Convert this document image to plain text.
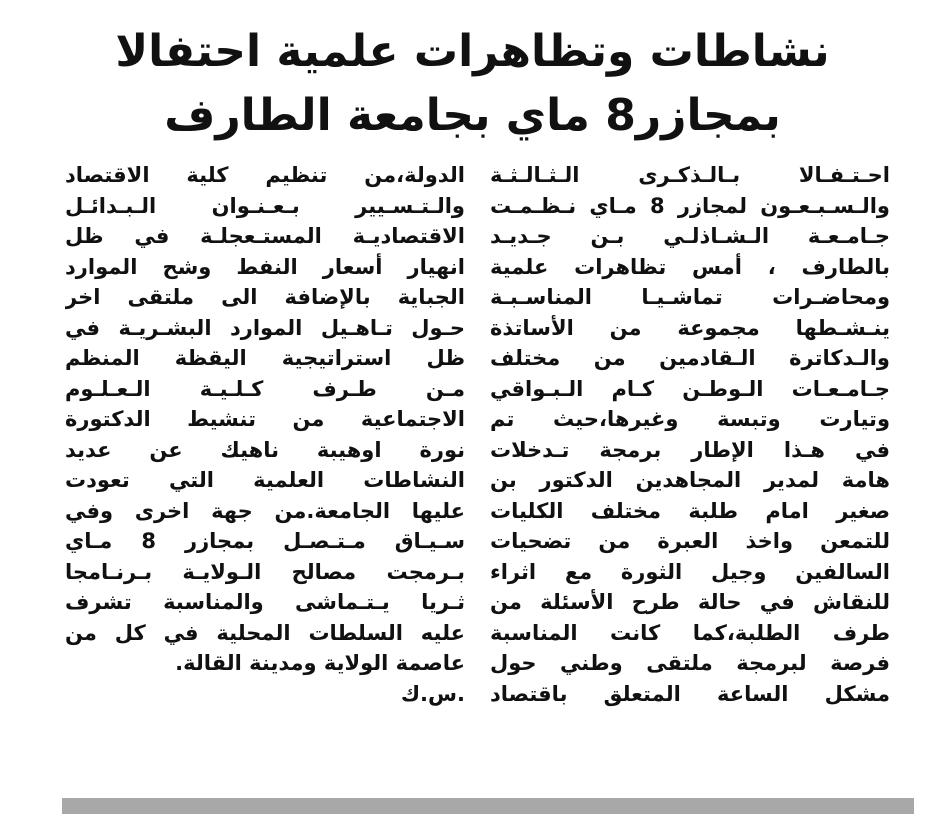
نشاطات وتظاهرات علمية احتفالا
بمجازر8 ماي بجامعة الطارف
احـتـفـالا بـالـذكـرى الـثـالـثـة
والـسـبـعـون لمجازر 8 مـاي نـظـمـت
جـامـعـة الـشـاذلـي بـن جـديـد
بالطارف ، أمس تظاهرات علمية
ومحاضـرات تماشـيـا المناسـبـة
ينـشـطها مجموعة من الأساتذة
والـدكاترة الـقادمين من مختلف
جـامـعـات الـوطـن كـام الـبـواقي
وتيارت وتبسة وغيرها،حيث تم
في هـذا الإطار برمجة تـدخلات
هامة لمدير المجاهدين الدكتور بن
صغير امام طلبة مختلف الكليات
للتمعن واخذ العبرة من تضحيات
السالفين وجيل الثورة مع اثراء
للنقاش في حالة طرح الأسئلة من
طرف الطلبة،كما كانت المناسبة
فرصة لبرمجة ملتقى وطني حول
مشكل الساعة المتعلق باقتصاد
الدولة،من تنظيم كلية الاقتصاد
والـتـسـيير بـعـنـوان الـبـدائـل
الاقتصاديـة المستـعجلـة في ظل
انهيار أسعار النفط وشح الموارد
الجباية بالإضافة الى ملتقى اخر
حـول تـاهـيل الموارد البشـريـة في
ظل استراتيجية اليقظة المنظم
مـن طـرف كـلـيـة الـعـلـوم
الاجتماعية من تنشيط الدكتورة
نورة اوهيبة ناهيك عن عديد
النشاطات العلمية التي تعودت
عليها الجامعة.من جهة اخرى وفي
سـيـاق مـتـصـل بمجازر 8 مـاي
بـرمجت مصالح الـولايـة بـرنـامجا
ثـريا يـتـماشى والمناسبة تشرف
عليه السلطات المحلية في كل من
عاصمة الولاية ومدينة القالة.
.س.ك
